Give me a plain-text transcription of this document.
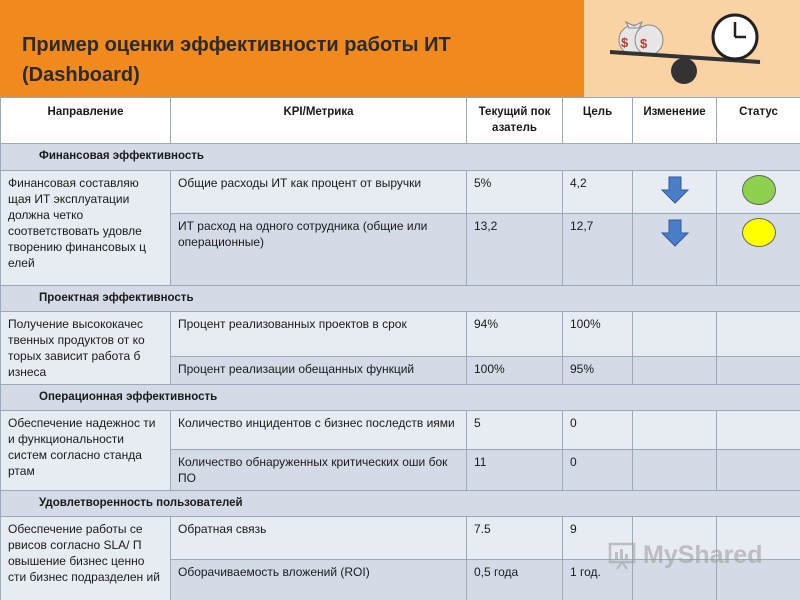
Пример оценки эффективности работы ИТ
(Dashboard)
$ $
Направление	KPI/Метрика	Текущий пок азатель	Цель	Изменение	Статус
Финансовая эффективность					
Финансовая составляю щая ИТ эксплуатации должна четко соответствовать удовле творению финансовых ц елей	Общие расходы ИТ как процент от выручки	5%	4,2		
	ИТ расход на одного сотрудника (общие или операционные)	13,2	12,7		
Проектная эффективность					
Получение высококачес твенных продуктов от ко торых зависит работа б изнеса	Процент реализованных проектов в срок	94%	100%		
	Процент реализации обещанных функций	100%	95%		
Операционная эффективность					
Обеспечение надежнос ти и функциональности систем согласно станда ртам	Количество инцидентов с бизнес последств иями	5	0		
	Количество обнаруженных критических оши бок ПО	11	0		
Удовлетворенность пользователей					
Обеспечение работы се рвисов согласно SLA/ П овышение бизнес ценно сти бизнес подразделен ий	Обратная связь	7.5	9		
	Оборачиваемость вложений (ROI)	0,5 года	1 год.		
MyShared
